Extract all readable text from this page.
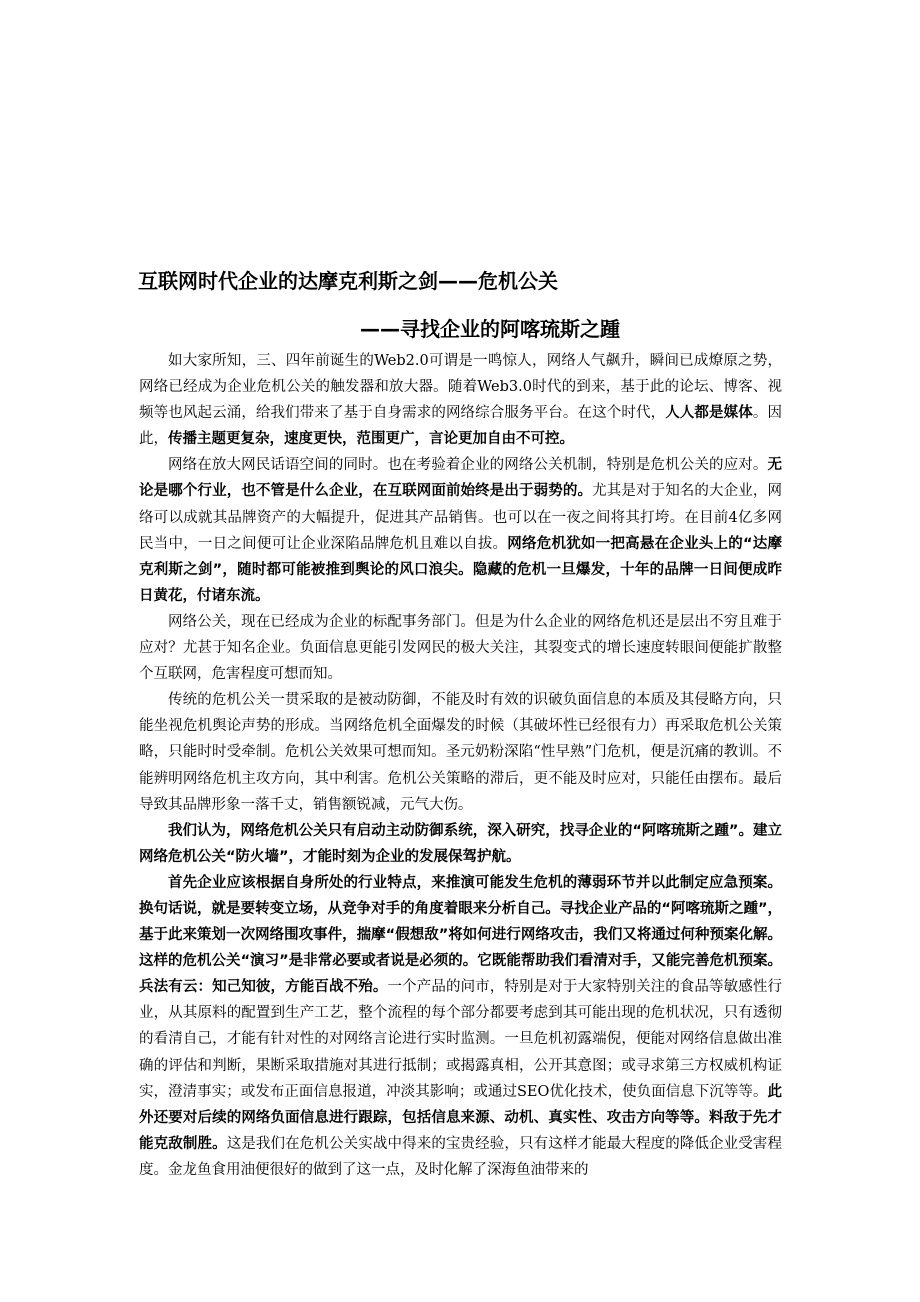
互联网时代企业的达摩克利斯之剑——危机公关
——寻找企业的阿喀琉斯之踵

如大家所知，三、四年前诞生的Web2.0可谓是一鸣惊人，网络人气飙升，瞬间已成燎原之势，网络已经成为企业危机公关的触发器和放大器。随着Web3.0时代的到来，基于此的论坛、博客、视频等也风起云涌，给我们带来了基于自身需求的网络综合服务平台。在这个时代，人人都是媒体。因此，传播主题更复杂，速度更快，范围更广，言论更加自由不可控。

网络在放大网民话语空间的同时。也在考验着企业的网络公关机制，特别是危机公关的应对。无论是哪个行业，也不管是什么企业，在互联网面前始终是出于弱势的。尤其是对于知名的大企业，网络可以成就其品牌资产的大幅提升，促进其产品销售。也可以在一夜之间将其打垮。在目前4亿多网民当中，一日之间便可让企业深陷品牌危机且难以自拔。网络危机犹如一把高悬在企业头上的“达摩克利斯之剑”，随时都可能被推到舆论的风口浪尖。隐藏的危机一旦爆发，十年的品牌一日间便成昨日黄花，付诸东流。

网络公关，现在已经成为企业的标配事务部门。但是为什么企业的网络危机还是层出不穷且难于应对？尤甚于知名企业。负面信息更能引发网民的极大关注，其裂变式的增长速度转眼间便能扩散整个互联网，危害程度可想而知。

传统的危机公关一贯采取的是被动防御，不能及时有效的识破负面信息的本质及其侵略方向，只能坐视危机舆论声势的形成。当网络危机全面爆发的时候（其破坏性已经很有力）再采取危机公关策略，只能时时受牵制。危机公关效果可想而知。圣元奶粉深陷“性早熟”门危机，便是沉痛的教训。不能辨明网络危机主攻方向，其中利害。危机公关策略的滞后，更不能及时应对，只能任由摆布。最后导致其品牌形象一落千丈，销售额锐减，元气大伤。

我们认为，网络危机公关只有启动主动防御系统，深入研究，找寻企业的“阿喀琉斯之踵”。建立网络危机公关“防火墙”，才能时刻为企业的发展保驾护航。

首先企业应该根据自身所处的行业特点，来推演可能发生危机的薄弱环节并以此制定应急预案。换句话说，就是要转变立场，从竞争对手的角度着眼来分析自己。寻找企业产品的“阿喀琉斯之踵”，基于此来策划一次网络围攻事件，揣摩“假想敌”将如何进行网络攻击，我们又将通过何种预案化解。这样的危机公关“演习”是非常必要或者说是必须的。它既能帮助我们看清对手，又能完善危机预案。兵法有云：知己知彼，方能百战不殆。一个产品的问市，特别是对于大家特别关注的食品等敏感性行业，从其原料的配置到生产工艺，整个流程的每个部分都要考虑到其可能出现的危机状况，只有透彻的看清自己，才能有针对性的对网络言论进行实时监测。一旦危机初露端倪，便能对网络信息做出准确的评估和判断，果断采取措施对其进行抵制；或揭露真相，公开其意图；或寻求第三方权威机构证实，澄清事实；或发布正面信息报道，冲淡其影响；或通过SEO优化技术，使负面信息下沉等等。此外还要对后续的网络负面信息进行跟踪，包括信息来源、动机、真实性、攻击方向等等。料敌于先才能克敌制胜。这是我们在危机公关实战中得来的宝贵经验，只有这样才能最大程度的降低企业受害程度。金龙鱼食用油便很好的做到了这一点，及时化解了深海鱼油带来的
